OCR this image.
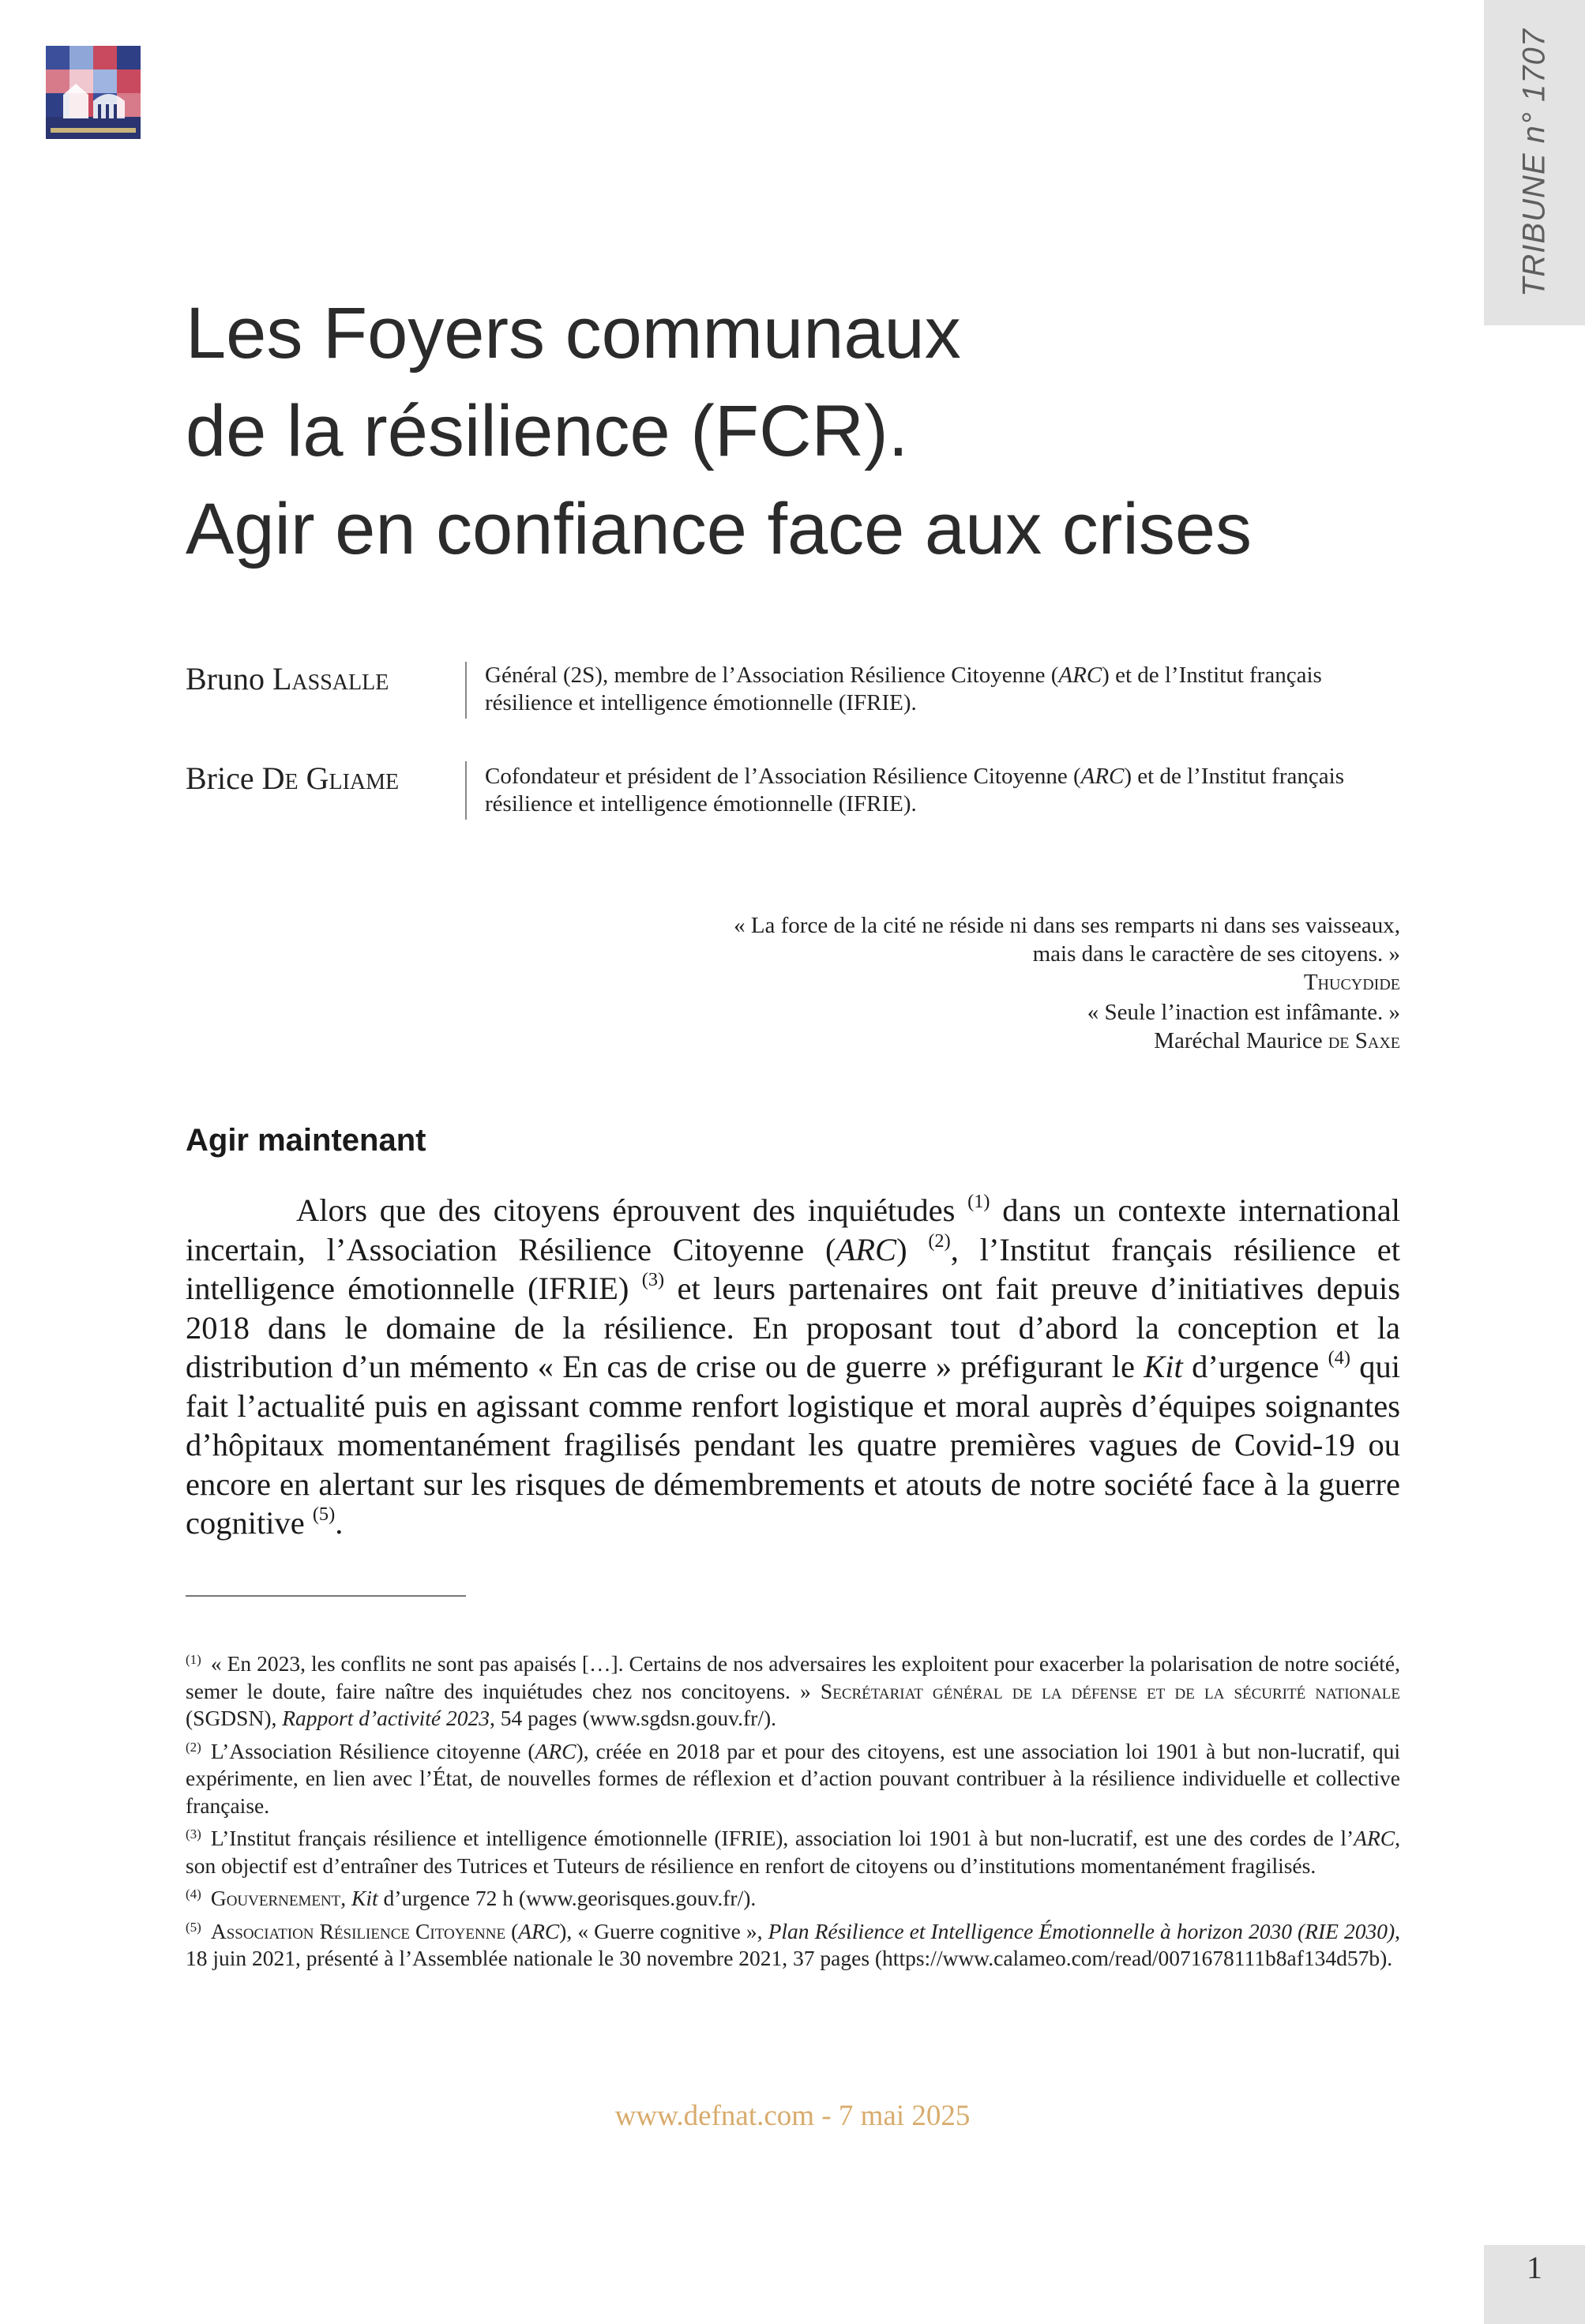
TRIBUNE n° 1707
Les Foyers communaux
de la résilience (FCR).
Agir en confiance face aux crises
Bruno Lassalle	Général (2S), membre de l’Association Résilience Citoyenne (ARC) et de l’Institut français résilience et intelligence émotionnelle (IFRIE).
Brice De Gliame	Cofondateur et président de l’Association Résilience Citoyenne (ARC) et de l’Institut français résilience et intelligence émotionnelle (IFRIE).
« La force de la cité ne réside ni dans ses remparts ni dans ses vaisseaux,
mais dans le caractère de ses citoyens. »
Thucydide
« Seule l’inaction est infâmante. »
Maréchal Maurice de Saxe
Agir maintenant

Alors que des citoyens éprouvent des inquiétudes $^{(1)}$ dans un contexte international incertain, l’Association Résilience Citoyenne (ARC) $^{(2)}$, l’Institut français résilience et intelligence émotionnelle (IFRIE) $^{(3)}$ et leurs partenaires ont fait preuve d’initiatives depuis 2018 dans le domaine de la résilience. En proposant tout d’abord la conception et la distribution d’un mémento « En cas de crise ou de guerre » préfigurant le Kit d’urgence $^{(4)}$ qui fait l’actualité puis en agissant comme renfort logistique et moral auprès d’équipes soignantes d’hôpitaux momentanément fragilisés pendant les quatre premières vagues de Covid-19 ou encore en alertant sur les risques de démembrements et atouts de notre société face à la guerre cognitive $^{(5)}$.

$^{(1)}$ « En 2023, les conflits ne sont pas apaisés […]. Certains de nos adversaires les exploitent pour exacerber la polarisation de notre société, semer le doute, faire naître des inquiétudes chez nos concitoyens. » Secrétariat général de la défense et de la sécurité nationale (SGDSN), Rapport d’activité 2023, 54 pages (www.sgdsn.gouv.fr/).

$^{(2)}$ L’Association Résilience citoyenne (ARC), créée en 2018 par et pour des citoyens, est une association loi 1901 à but non-lucratif, qui expérimente, en lien avec l’État, de nouvelles formes de réflexion et d’action pouvant contribuer à la résilience individuelle et collective française.

$^{(3)}$ L’Institut français résilience et intelligence émotionnelle (IFRIE), association loi 1901 à but non-lucratif, est une des cordes de l’ARC, son objectif est d’entraîner des Tutrices et Tuteurs de résilience en renfort de citoyens ou d’institutions momentanément fragilisés.

$^{(4)}$ Gouvernement, Kit d’urgence 72 h (www.georisques.gouv.fr/).

$^{(5)}$ Association Résilience Citoyenne (ARC), « Guerre cognitive », Plan Résilience et Intelligence Émotionnelle à horizon 2030 (RIE 2030), 18 juin 2021, présenté à l’Assemblée nationale le 30 novembre 2021, 37 pages (https://www.calameo.com/read/0071678111b8af134d57b).

www.defnat.com - 7 mai 2025
1
